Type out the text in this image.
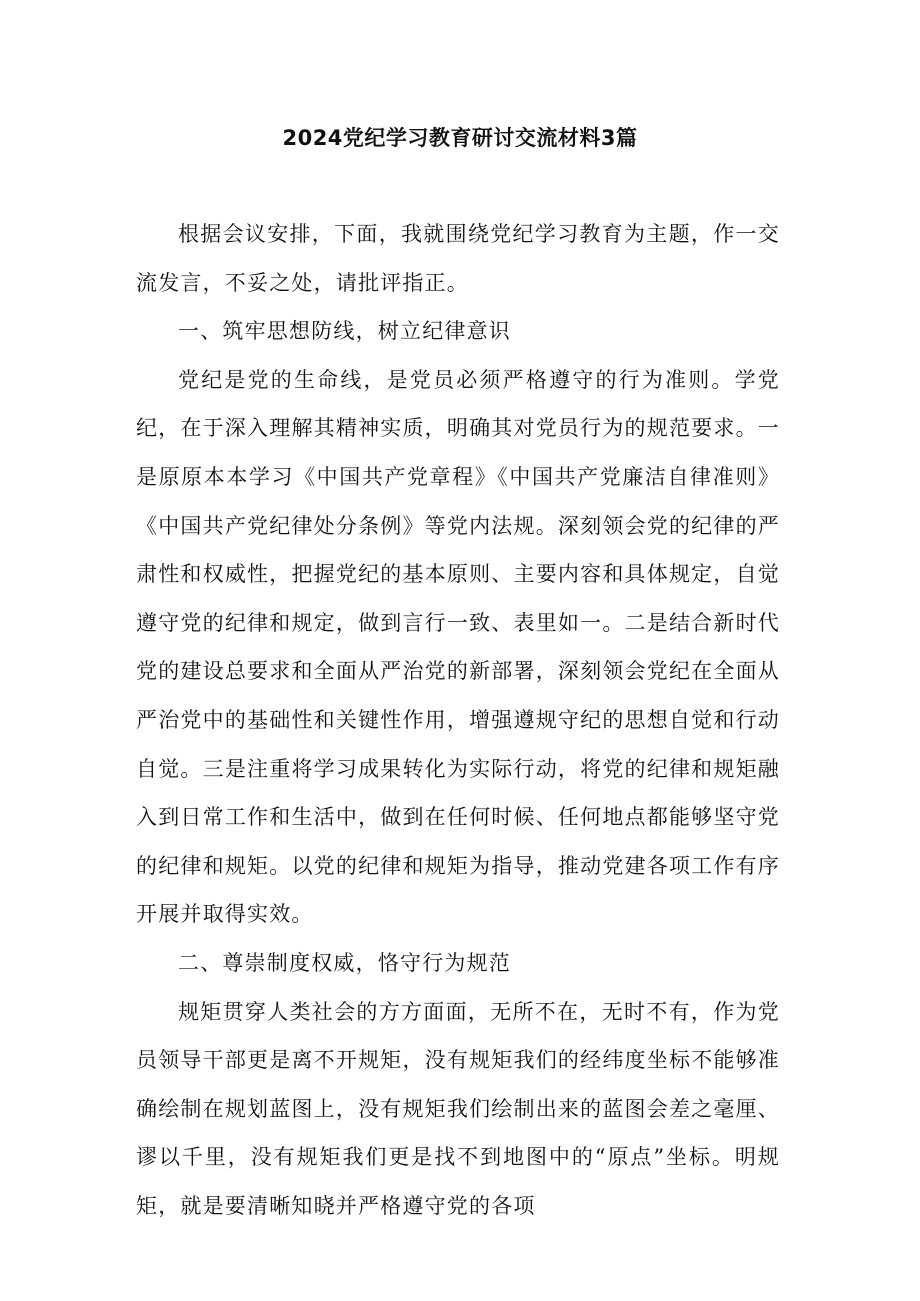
2024党纪学习教育研讨交流材料3篇

根据会议安排，下面，我就围绕党纪学习教育为主题，作一交流发言，不妥之处，请批评指正。

一、筑牢思想防线，树立纪律意识

党纪是党的生命线，是党员必须严格遵守的行为准则。学党纪，在于深入理解其精神实质，明确其对党员行为的规范要求。一是原原本本学习《中国共产党章程》《中国共产党廉洁自律准则》《中国共产党纪律处分条例》等党内法规。深刻领会党的纪律的严肃性和权威性，把握党纪的基本原则、主要内容和具体规定，自觉遵守党的纪律和规定，做到言行一致、表里如一。二是结合新时代党的建设总要求和全面从严治党的新部署，深刻领会党纪在全面从严治党中的基础性和关键性作用，增强遵规守纪的思想自觉和行动自觉。三是注重将学习成果转化为实际行动，将党的纪律和规矩融入到日常工作和生活中，做到在任何时候、任何地点都能够坚守党的纪律和规矩。以党的纪律和规矩为指导，推动党建各项工作有序开展并取得实效。

二、尊崇制度权威，恪守行为规范

规矩贯穿人类社会的方方面面，无所不在，无时不有，作为党员领导干部更是离不开规矩，没有规矩我们的经纬度坐标不能够准确绘制在规划蓝图上，没有规矩我们绘制出来的蓝图会差之毫厘、谬以千里，没有规矩我们更是找不到地图中的“原点”坐标。明规矩，就是要清晰知晓并严格遵守党的各项
